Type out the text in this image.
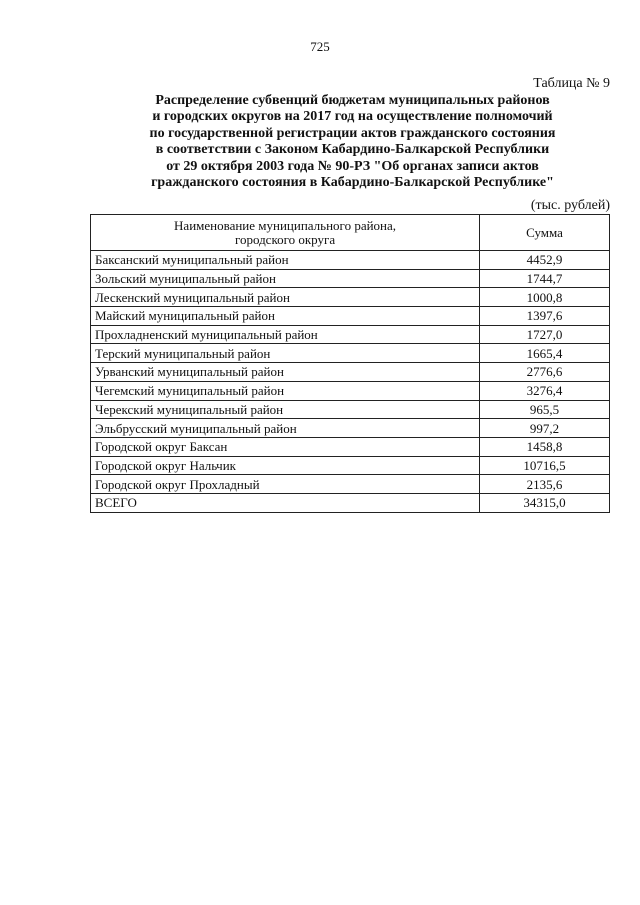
725
Таблица № 9
Распределение субвенций бюджетам муниципальных районов
и городских округов на 2017 год на осуществление полномочий
по государственной регистрации актов гражданского состояния
в соответствии с Законом Кабардино-Балкарской Республики
от 29 октября 2003 года № 90-РЗ "Об органах записи актов
гражданского состояния в Кабардино-Балкарской Республике"
(тыс. рублей)
Наименование муниципального района,
городского округа	Сумма
Баксанский муниципальный район	4452,9
Зольский муниципальный район	1744,7
Лескенский муниципальный район	1000,8
Майский муниципальный район	1397,6
Прохладненский муниципальный район	1727,0
Терский муниципальный район	1665,4
Урванский муниципальный район	2776,6
Чегемский муниципальный район	3276,4
Черекский муниципальный район	965,5
Эльбрусский муниципальный район	997,2
Городской округ Баксан	1458,8
Городской округ Нальчик	10716,5
Городской округ Прохладный	2135,6
ВСЕГО	34315,0
